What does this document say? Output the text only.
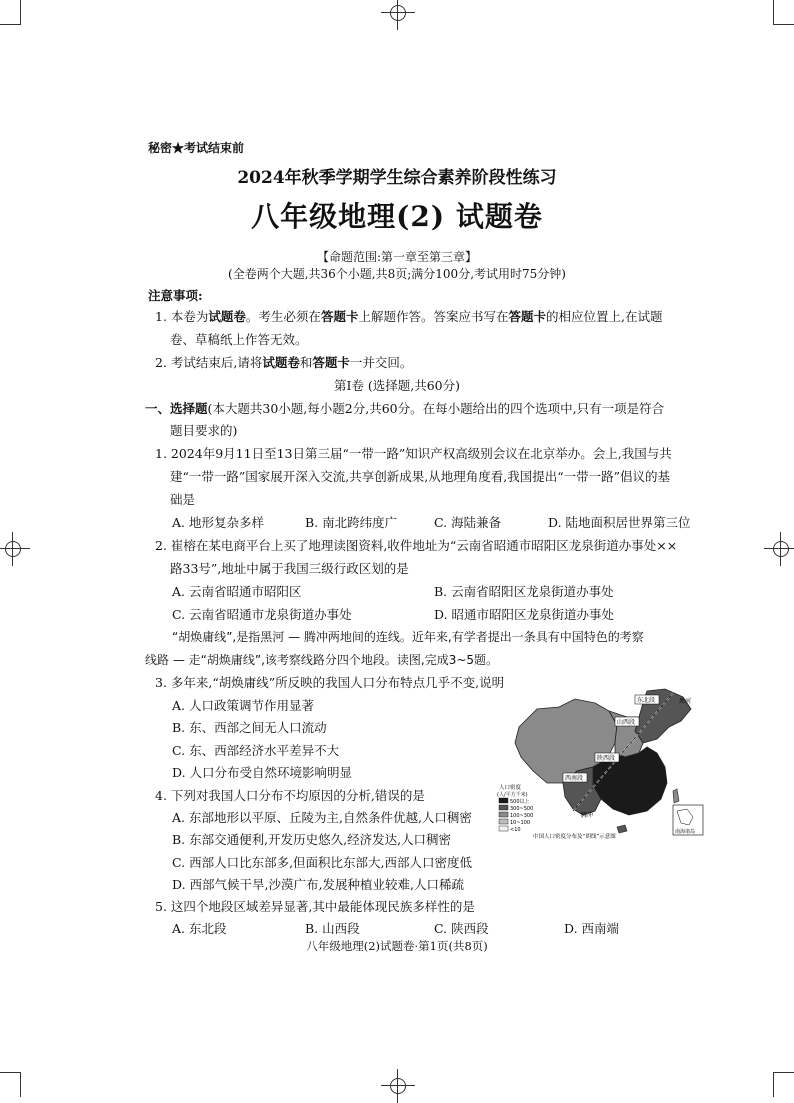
秘密★考试结束前
2024年秋季学期学生综合素养阶段性练习
八年级地理(2) 试题卷
【命题范围:第一章至第三章】
(全卷两个大题,共36个小题,共8页;满分100分,考试用时75分钟)
注意事项:
1. 本卷为试题卷。考生必须在答题卡上解题作答。答案应书写在答题卡的相应位置上,在试题
卷、草稿纸上作答无效。
2. 考试结束后,请将试题卷和答题卡一并交回。
第Ⅰ卷 (选择题,共60分)
一、选择题(本大题共30小题,每小题2分,共60分。在每小题给出的四个选项中,只有一项是符合
题目要求的)
1. 2024年9月11日至13日第三届“一带一路”知识产权高级别会议在北京举办。会上,我国与共
建“一带一路”国家展开深入交流,共享创新成果,从地理角度看,我国提出“一带一路”倡议的基
础是
A. 地形复杂多样	B. 南北跨纬度广	C. 海陆兼备	D. 陆地面积居世界第三位
2. 崔榕在某电商平台上买了地理读图资料,收件地址为“云南省昭通市昭阳区龙泉街道办事处××
路33号”,地址中属于我国三级行政区划的是
A. 云南省昭通市昭阳区	B. 云南省昭阳区龙泉街道办事处
C. 云南省昭通市龙泉街道办事处	D. 昭通市昭阳区龙泉街道办事处
“胡焕庸线”,是指黑河 — 腾冲两地间的连线。近年来,有学者提出一条具有中国特色的考察
线路 — 走“胡焕庸线”,该考察线路分四个地段。读图,完成3~5题。
3. 多年来,“胡焕庸线”所反映的我国人口分布特点几乎不变,说明
A. 人口政策调节作用显著
B. 东、西部之间无人口流动
C. 东、西部经济水平差异不大
D. 人口分布受自然环境影响明显
4. 下列对我国人口分布不均原因的分析,错误的是
A. 东部地形以平原、丘陵为主,自然条件优越,人口稠密
B. 东部交通便利,开发历史悠久,经济发达,人口稠密
C. 西部人口比东部多,但面积比东部大,西部人口密度低
D. 西部气候干旱,沙漠广布,发展种植业较难,人口稀疏
5. 这四个地段区域差异显著,其中最能体现民族多样性的是
A. 东北段	B. 山西段	C. 陕西段	D. 西南端
黑河
东北段
山西段
陕西段
西南段
腾冲
人口密度
(人/平方千米)
500以上
300~500
100~300
10~100
<10	南海诸岛
中国人口密度分布及“胡线”示意图
八年级地理(2)试题卷·第1页(共8页)
